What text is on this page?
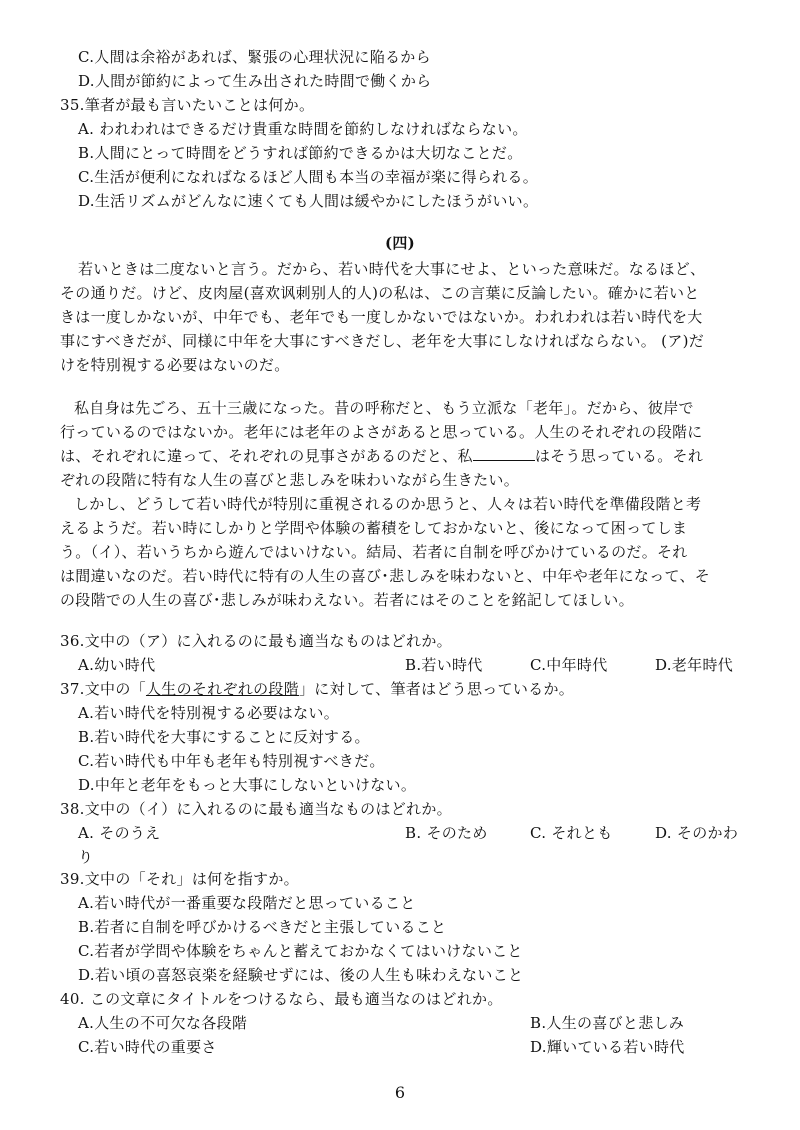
C.人間は余裕があれば、緊張の心理状況に陥るから
D.人間が節約によって生み出された時間で働くから
35.筆者が最も言いたいことは何か。
A. われわれはできるだけ貴重な時間を節約しなければならない。
B.人間にとって時間をどうすれば節約できるかは大切なことだ。
C.生活が便利になればなるほど人間も本当の幸福が楽に得られる。
D.生活リズムがどんなに速くても人間は緩やかにしたほうがいい。
(四)
若いときは二度ないと言う。だから、若い時代を大事にせよ、といった意味だ。なるほど、
その通りだ。けど、皮肉屋(喜欢讽刺别人的人)の私は、この言葉に反論したい。確かに若いと
きは一度しかないが、中年でも、老年でも一度しかないではないか。われわれは若い時代を大
事にすべきだが、同様に中年を大事にすべきだし、老年を大事にしなければならない。 (ア)だ
けを特別視する必要はないのだ。
私自身は先ごろ、五十三歳になった。昔の呼称だと、もう立派な「老年」。だから、彼岸で
行っているのではないか。老年には老年のよさがあると思っている。人生のそれぞれの段階に
は、それぞれに違って、それぞれの見事さがあるのだと、私	はそう思っている。それ
ぞれの段階に特有な人生の喜びと悲しみを味わいながら生きたい。
しかし、どうして若い時代が特別に重視されるのか思うと、人々は若い時代を準備段階と考
えるようだ。若い時にしかりと学問や体験の蓄積をしておかないと、後になって困ってしま
う。（イ）、若いうちから遊んではいけない。結局、若者に自制を呼びかけているのだ。それ
は間違いなのだ。若い時代に特有の人生の喜び･悲しみを味わないと、中年や老年になって、そ
の段階での人生の喜び･悲しみが味わえない。若者にはそのことを銘記してほしい。
36.文中の（ア）に入れるのに最も適当なものはどれか。
A.幼い時代	B.若い時代	C.中年時代	D.老年時代
37.文中の「人生のそれぞれの段階」に対して、筆者はどう思っているか。
A.若い時代を特別視する必要はない。
B.若い時代を大事にすることに反対する。
C.若い時代も中年も老年も特別視すべきだ。
D.中年と老年をもっと大事にしないといけない。
38.文中の（イ）に入れるのに最も適当なものはどれか。
A. そのうえ	B. そのため	C. それとも	D. そのかわ
り
39.文中の「それ」は何を指すか。
A.若い時代が一番重要な段階だと思っていること
B.若者に自制を呼びかけるべきだと主張していること
C.若者が学問や体験をちゃんと蓄えておかなくてはいけないこと
D.若い頃の喜怒哀楽を経験せずには、後の人生も味わえないこと
40. この文章にタイトルをつけるなら、最も適当なのはどれか。
A.人生の不可欠な各段階	B.人生の喜びと悲しみ
C.若い時代の重要さ	D.輝いている若い時代
6
